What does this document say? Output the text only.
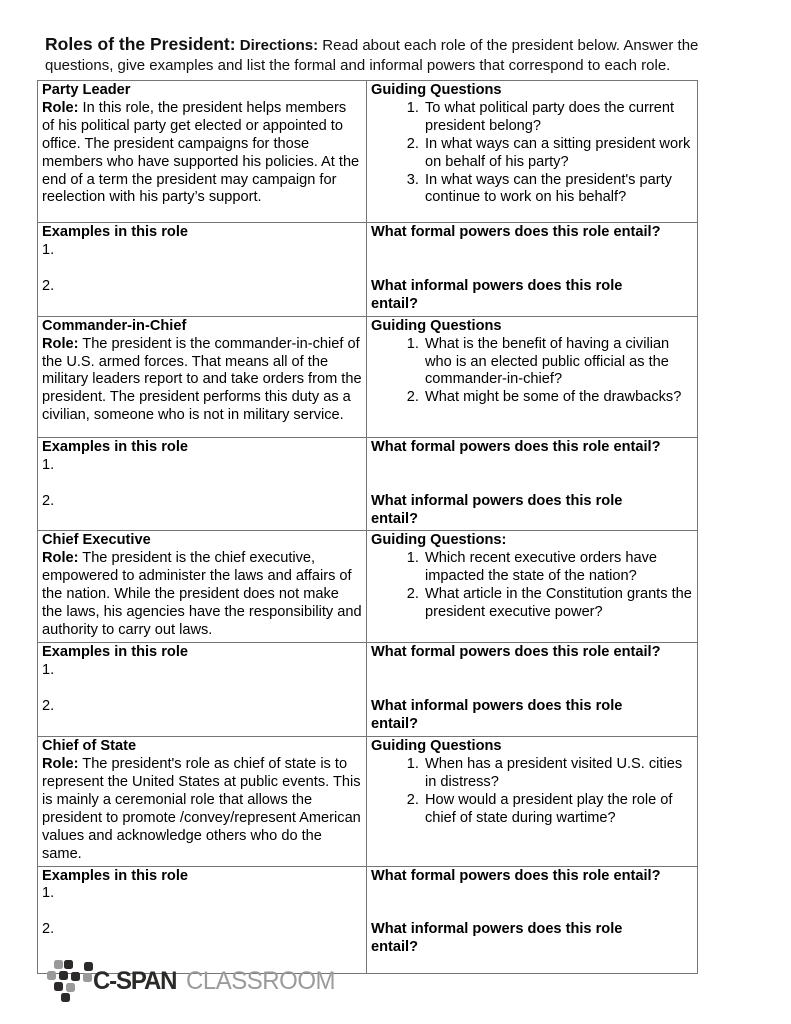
Roles of the President: Directions: Read about each role of the president below. Answer the questions, give examples and list the formal and informal powers that correspond to each role.

Party Leader
Role: In this role, the president helps members of his political party get elected or appointed to office. The president campaigns for those members who have supported his policies. At the end of a term the president may campaign for reelection with his party’s support.
Guiding Questions
1. To what political party does the current president belong?
2. In what ways can a sitting president work on behalf of his party?
3. In what ways can the president's party continue to work on his behalf?
Examples in this role
1.
2.
What formal powers does this role entail?
What informal powers does this role entail?
Commander-in-Chief
Role: The president is the commander-in-chief of the U.S. armed forces. That means all of the military leaders report to and take orders from the president. The president performs this duty as a civilian, someone who is not in military service.
Guiding Questions
1. What is the benefit of having a civilian who is an elected public official as the commander-in-chief?
2. What might be some of the drawbacks?
Examples in this role
1.
2.
What formal powers does this role entail?
What informal powers does this role entail?
Chief Executive
Role: The president is the chief executive, empowered to administer the laws and affairs of the nation. While the president does not make the laws, his agencies have the responsibility and authority to carry out laws.
Guiding Questions:
1. Which recent executive orders have impacted the state of the nation?
2. What article in the Constitution grants the president executive power?
Examples in this role
1.
2.
What formal powers does this role entail?
What informal powers does this role entail?
Chief of State
Role: The president's role as chief of state is to represent the United States at public events. This is mainly a ceremonial role that allows the president to promote /convey/represent American values and acknowledge others who do the same.
Guiding Questions
1. When has a president visited U.S. cities in distress?
2. How would a president play the role of chief of state during wartime?
Examples in this role
1.
2.
What formal powers does this role entail?
What informal powers does this role entail?
C-SPAN CLASSROOM
